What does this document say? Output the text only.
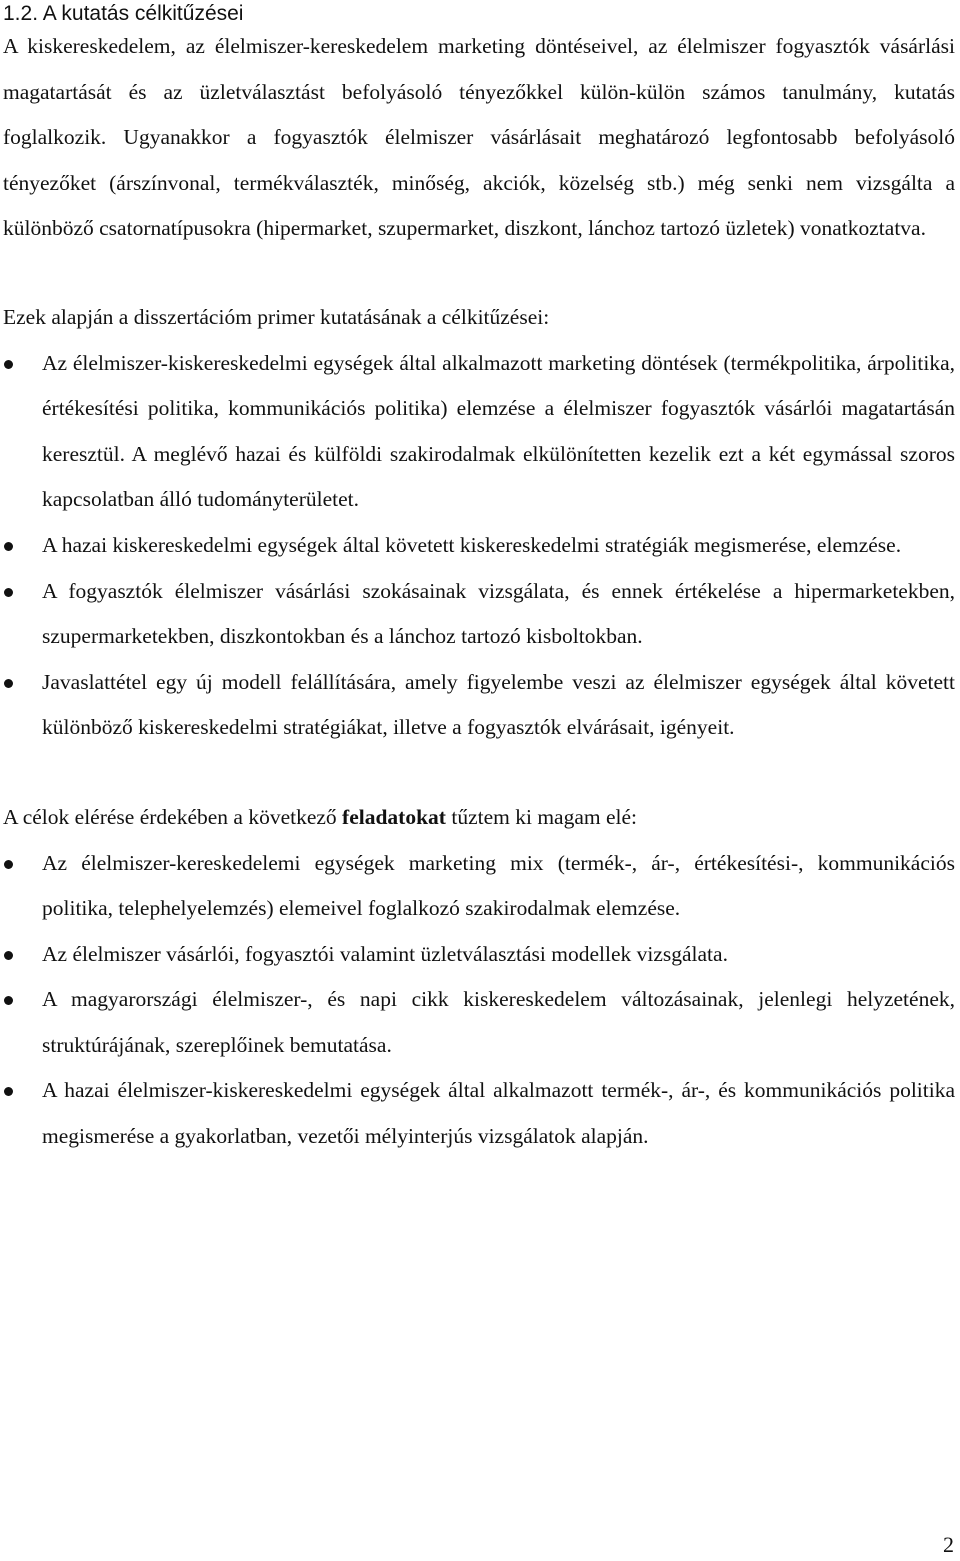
1.2. A kutatás célkitűzései

A kiskereskedelem, az élelmiszer-kereskedelem marketing döntéseivel, az élelmiszer fogyasztók vásárlási magatartását és az üzletválasztást befolyásoló tényezőkkel külön-külön számos tanulmány, kutatás foglalkozik. Ugyanakkor a fogyasztók élelmiszer vásárlásait meghatározó legfontosabb befolyásoló tényezőket (árszínvonal, termékválaszték, minőség, akciók, közelség stb.) még senki nem vizsgálta a különböző csatornatípusokra (hipermarket, szupermarket, diszkont, lánchoz tartozó üzletek) vonatkoztatva.

Ezek alapján a disszertációm primer kutatásának a célkitűzései:

Az élelmiszer-kiskereskedelmi egységek által alkalmazott marketing döntések (termékpolitika, árpolitika, értékesítési politika, kommunikációs politika) elemzése a élelmiszer fogyasztók vásárlói magatartásán keresztül. A meglévő hazai és külföldi szakirodalmak elkülönítetten kezelik ezt a két egymással szoros kapcsolatban álló tudományterületet.
A hazai kiskereskedelmi egységek által követett kiskereskedelmi stratégiák megismerése, elemzése.
A fogyasztók élelmiszer vásárlási szokásainak vizsgálata, és ennek értékelése a hipermarketekben, szupermarketekben, diszkontokban és a lánchoz tartozó kisboltokban.
Javaslattétel egy új modell felállítására, amely figyelembe veszi az élelmiszer egységek által követett különböző kiskereskedelmi stratégiákat, illetve a fogyasztók elvárásait, igényeit.

A célok elérése érdekében a következő feladatokat tűztem ki magam elé:

Az élelmiszer-kereskedelemi egységek marketing mix (termék-, ár-, értékesítési-, kommunikációs politika, telephelyelemzés) elemeivel foglalkozó szakirodalmak elemzése.
Az élelmiszer vásárlói, fogyasztói valamint üzletválasztási modellek vizsgálata.
A magyarországi élelmiszer-, és napi cikk kiskereskedelem változásainak, jelenlegi helyzetének, struktúrájának, szereplőinek bemutatása.
A hazai élelmiszer-kiskereskedelmi egységek által alkalmazott termék-, ár-, és kommunikációs politika megismerése a gyakorlatban, vezetői mélyinterjús vizsgálatok alapján.
2
